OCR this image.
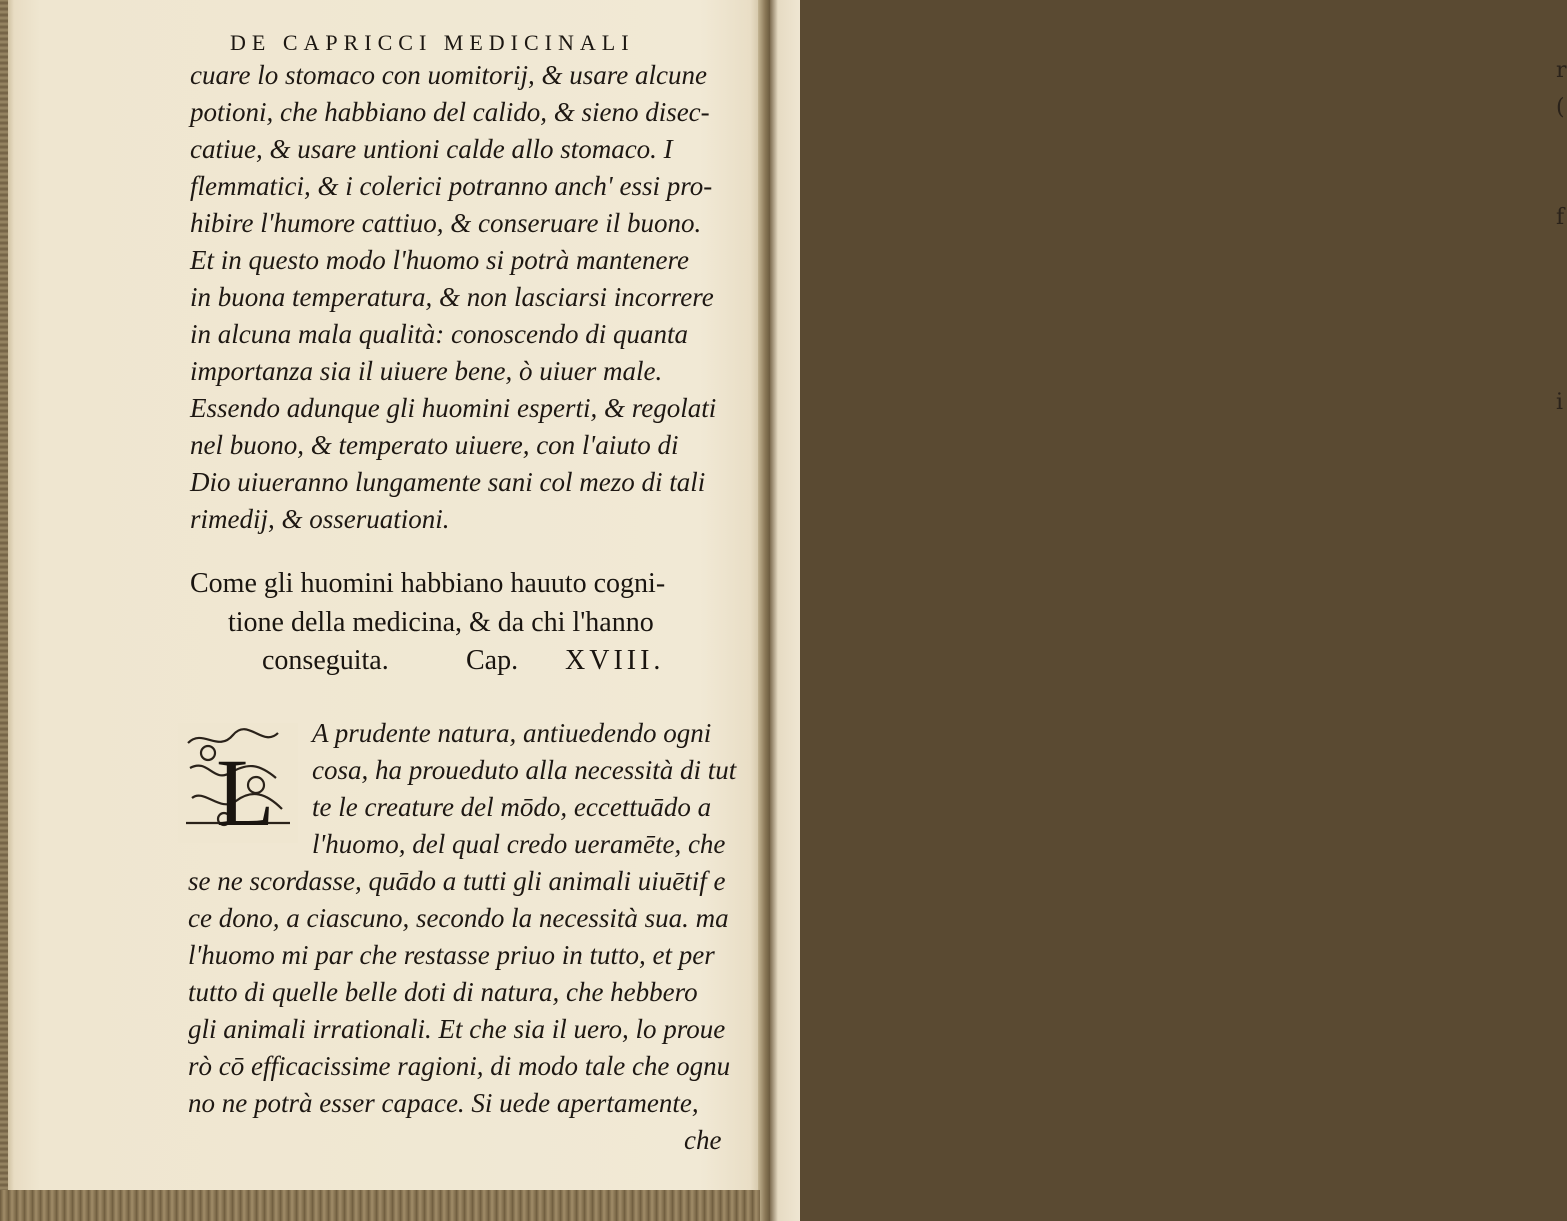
r
(
f
i
DE CAPRICCI MEDICINALI
cuare lo stomaco con uomitorij, & usare alcune
potioni, che habbiano del calido, & sieno disec-
catiue, & usare untioni calde allo stomaco. I
flemmatici, & i colerici potranno anch' essi pro-
hibire l'humore cattiuo, & conseruare il buono.
Et in questo modo l'huomo si potrà mantenere
in buona temperatura, & non lasciarsi incorrere
in alcuna mala qualità: conoscendo di quanta
importanza sia il uiuere bene, ò uiuer male.
Essendo adunque gli huomini esperti, & regolati
nel buono, & temperato uiuere, con l'aiuto di
Dio uiueranno lungamente sani col mezo di tali
rimedij, & osseruationi.
Come gli huomini habbiano hauuto cogni-
tione della medicina, & da chi l'hanno
conseguita.	Cap. XVIII.
L
A prudente natura, antiuedendo ogni
cosa, ha proueduto alla necessità di tut
te le creature del mōdo, eccettuādo a
l'huomo, del qual credo ueramēte, che
se ne scordasse, quādo a tutti gli animali uiuētif e
ce dono, a ciascuno, secondo la necessità sua. ma
l'huomo mi par che restasse priuo in tutto, et per
tutto di quelle belle doti di natura, che hebbero
gli animali irrationali. Et che sia il uero, lo proue
rò cō efficacissime ragioni, di modo tale che ognu
no ne potrà esser capace. Si uede apertamente,
che
